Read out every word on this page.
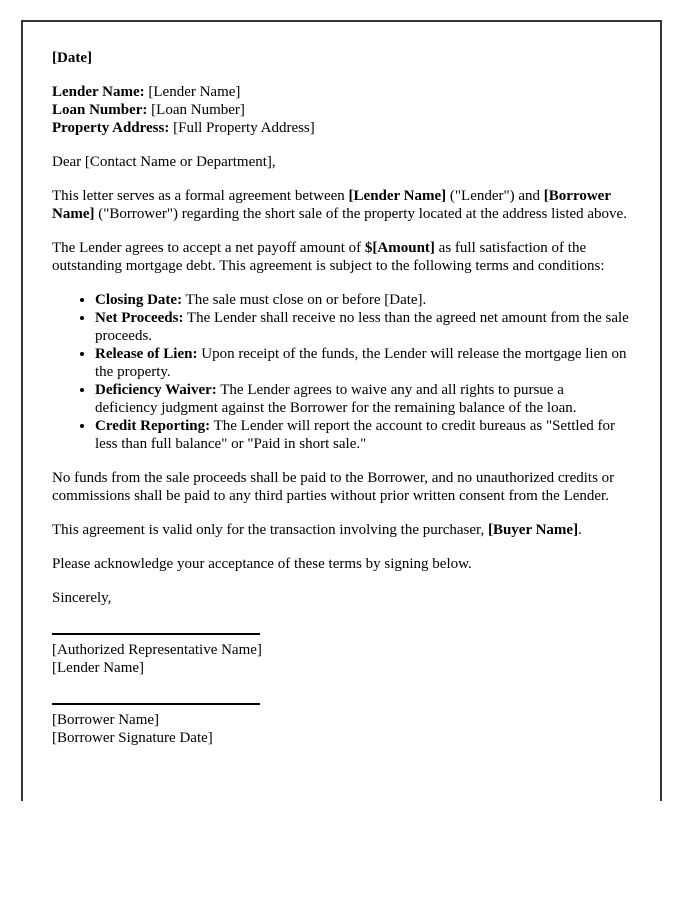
[Date]

Lender Name: [Lender Name]
Loan Number: [Loan Number]
Property Address: [Full Property Address]

Dear [Contact Name or Department],

This letter serves as a formal agreement between [Lender Name] ("Lender") and [Borrower Name] ("Borrower") regarding the short sale of the property located at the address listed above.

The Lender agrees to accept a net payoff amount of $[Amount] as full satisfaction of the outstanding mortgage debt. This agreement is subject to the following terms and conditions:

• Closing Date: The sale must close on or before [Date].
• Net Proceeds: The Lender shall receive no less than the agreed net amount from the sale proceeds.
• Release of Lien: Upon receipt of the funds, the Lender will release the mortgage lien on the property.
• Deficiency Waiver: The Lender agrees to waive any and all rights to pursue a deficiency judgment against the Borrower for the remaining balance of the loan.
• Credit Reporting: The Lender will report the account to credit bureaus as "Settled for less than full balance" or "Paid in short sale."

No funds from the sale proceeds shall be paid to the Borrower, and no unauthorized credits or commissions shall be paid to any third parties without prior written consent from the Lender.

This agreement is valid only for the transaction involving the purchaser, [Buyer Name].

Please acknowledge your acceptance of these terms by signing below.

Sincerely,

[Authorized Representative Name]
[Lender Name]
[Borrower Name]
[Borrower Signature Date]
